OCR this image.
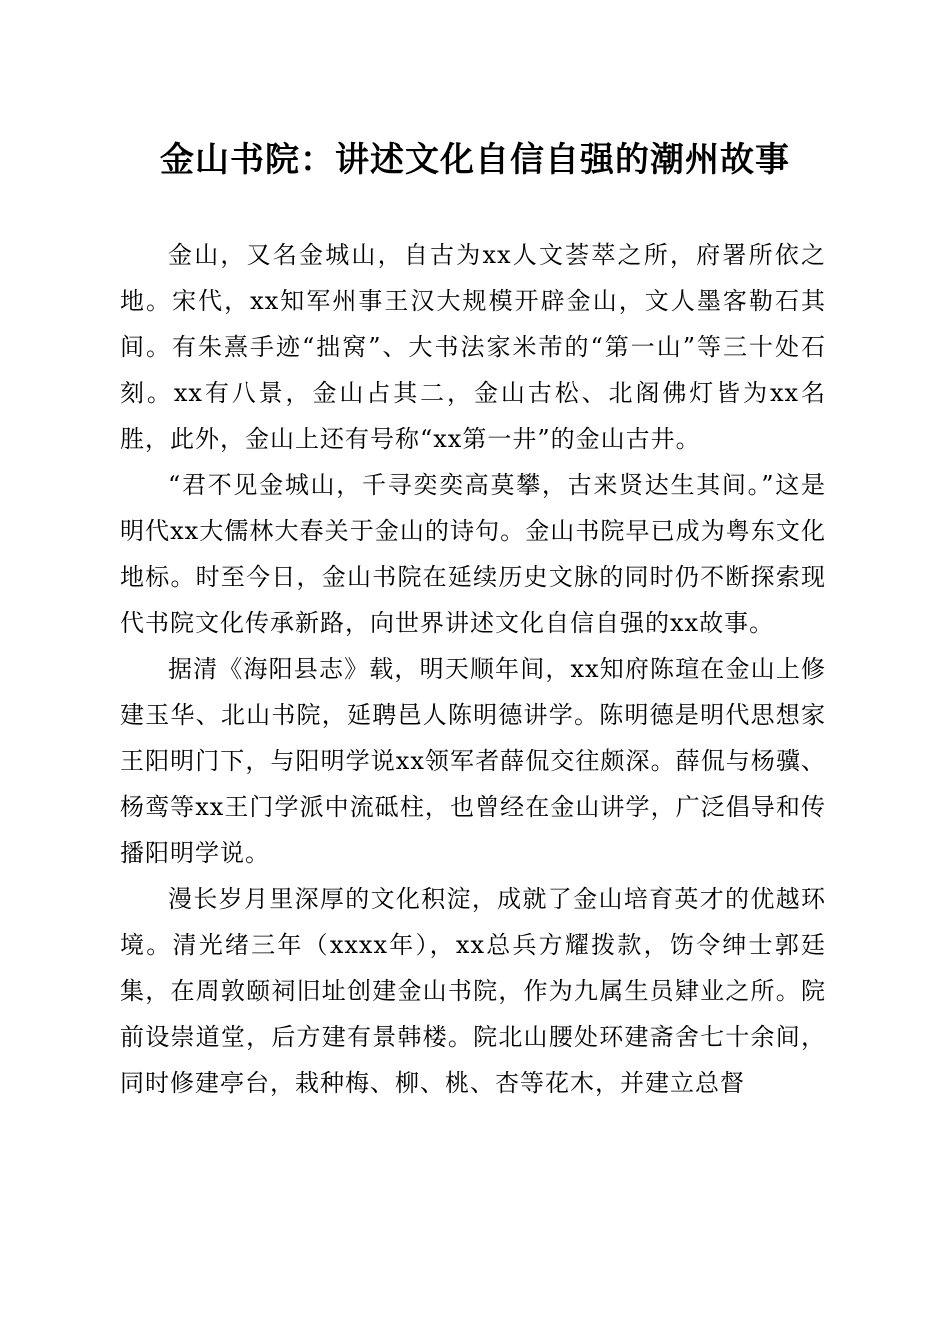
金山书院：讲述文化自信自强的潮州故事

金山，又名金城山，自古为xx人文荟萃之所，府署所依之地。宋代，xx知军州事王汉大规模开辟金山，文人墨客勒石其间。有朱熹手迹“拙窝”、大书法家米芾的“第一山”等三十处石刻。xx有八景，金山占其二，金山古松、北阁佛灯皆为xx名胜，此外，金山上还有号称“xx第一井”的金山古井。

“君不见金城山，千寻奕奕高莫攀，古来贤达生其间。”这是明代xx大儒林大春关于金山的诗句。金山书院早已成为粤东文化地标。时至今日，金山书院在延续历史文脉的同时仍不断探索现代书院文化传承新路，向世界讲述文化自信自强的xx故事。

据清《海阳县志》载，明天顺年间，xx知府陈瑄在金山上修建玉华、北山书院，延聘邑人陈明德讲学。陈明德是明代思想家王阳明门下，与阳明学说xx领军者薛侃交往颇深。薛侃与杨骥、杨鸾等xx王门学派中流砥柱，也曾经在金山讲学，广泛倡导和传播阳明学说。

漫长岁月里深厚的文化积淀，成就了金山培育英才的优越环境。清光绪三年（xxxx年），xx总兵方耀拨款，饬令绅士郭廷集，在周敦颐祠旧址创建金山书院，作为九属生员肄业之所。院前设崇道堂，后方建有景韩楼。院北山腰处环建斋舍七十余间，同时修建亭台，栽种梅、柳、桃、杏等花木，并建立总督
